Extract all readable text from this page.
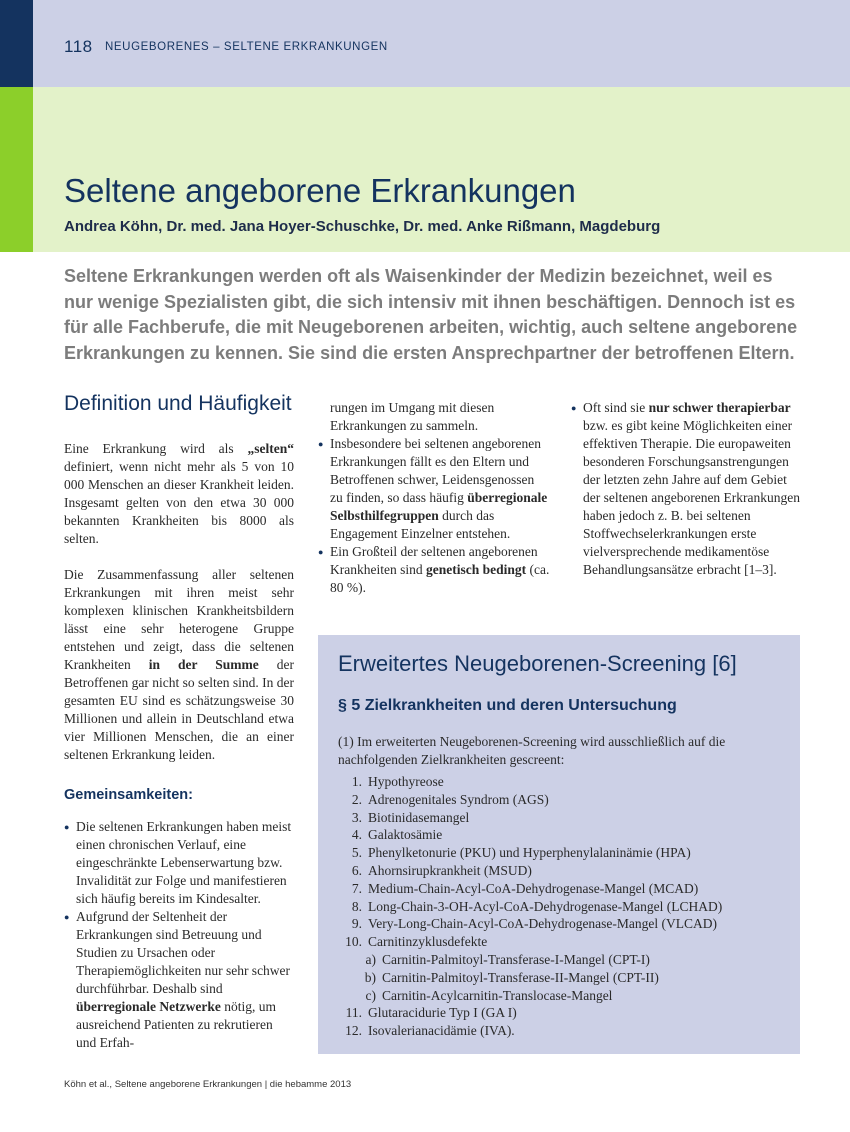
118 NEUGEBORENES – SELTENE ERKRANKUNGEN
Seltene angeborene Erkrankungen
Andrea Köhn, Dr. med. Jana Hoyer-Schuschke, Dr. med. Anke Rißmann, Magdeburg

Seltene Erkrankungen werden oft als Waisenkinder der Medizin bezeichnet, weil es nur wenige Spezialisten gibt, die sich intensiv mit ihnen beschäftigen. Dennoch ist es für alle Fachberufe, die mit Neugeborenen arbeiten, wichtig, auch seltene angeborene Erkrankungen zu kennen. Sie sind die ersten Ansprechpartner der betroffenen Eltern.

Definition und Häufigkeit

Eine Erkrankung wird als „selten“ definiert, wenn nicht mehr als 5 von 10 000 Menschen an dieser Krankheit leiden. Insgesamt gelten von den etwa 30 000 bekannten Krankheiten bis 8000 als selten.

Die Zusammenfassung aller seltenen Erkrankungen mit ihren meist sehr komplexen klinischen Krankheitsbildern lässt eine sehr heterogene Gruppe entstehen und zeigt, dass die seltenen Krankheiten in der Summe der Betroffenen gar nicht so selten sind. In der gesamten EU sind es schätzungsweise 30 Millionen und allein in Deutschland etwa vier Millionen Menschen, die an einer seltenen Erkrankung leiden.

Gemeinsamkeiten:
● Die seltenen Erkrankungen haben meist einen chronischen Verlauf, eine eingeschränkte Lebenserwartung bzw. Invalidität zur Folge und manifestieren sich häufig bereits im Kindesalter.
● Aufgrund der Seltenheit der Erkrankungen sind Betreuung und Studien zu Ursachen oder Therapiemöglichkeiten nur sehr schwer durchführbar. Deshalb sind überregionale Netzwerke nötig, um ausreichend Patienten zu rekrutieren und Erfah-
rungen im Umgang mit diesen Erkrankungen zu sammeln.
● Insbesondere bei seltenen angeborenen Erkrankungen fällt es den Eltern und Betroffenen schwer, Leidensgenossen zu finden, so dass häufig überregionale Selbsthilfegruppen durch das Engagement Einzelner entstehen.
● Ein Großteil der seltenen angeborenen Krankheiten sind genetisch bedingt (ca. 80 %).
● Oft sind sie nur schwer therapierbar bzw. es gibt keine Möglichkeiten einer effektiven Therapie. Die europaweiten besonderen Forschungsanstrengungen der letzten zehn Jahre auf dem Gebiet der seltenen angeborenen Erkrankungen haben jedoch z. B. bei seltenen Stoffwechselerkrankungen erste vielversprechende medikamentöse Behandlungsansätze erbracht [1–3].
Erweitertes Neugeborenen-Screening [6]
§ 5 Zielkrankheiten und deren Untersuchung

(1) Im erweiterten Neugeborenen-Screening wird ausschließlich auf die nachfolgenden Zielkrankheiten gescreent:

1. Hypothyreose
2. Adrenogenitales Syndrom (AGS)
3. Biotinidasemangel
4. Galaktosämie
5. Phenylketonurie (PKU) und Hyperphenylalaninämie (HPA)
6. Ahornsirupkrankheit (MSUD)
7. Medium-Chain-Acyl-CoA-Dehydrogenase-Mangel (MCAD)
8. Long-Chain-3-OH-Acyl-CoA-Dehydrogenase-Mangel (LCHAD)
9. Very-Long-Chain-Acyl-CoA-Dehydrogenase-Mangel (VLCAD)
10. Carnitinzyklusdefekte
a) Carnitin-Palmitoyl-Transferase-I-Mangel (CPT-I)
b) Carnitin-Palmitoyl-Transferase-II-Mangel (CPT-II)
c) Carnitin-Acylcarnitin-Translocase-Mangel
11. Glutaracidurie Typ I (GA I)
12. Isovalerianacidämie (IVA).
Köhn et al., Seltene angeborene Erkrankungen | die hebamme 2013
